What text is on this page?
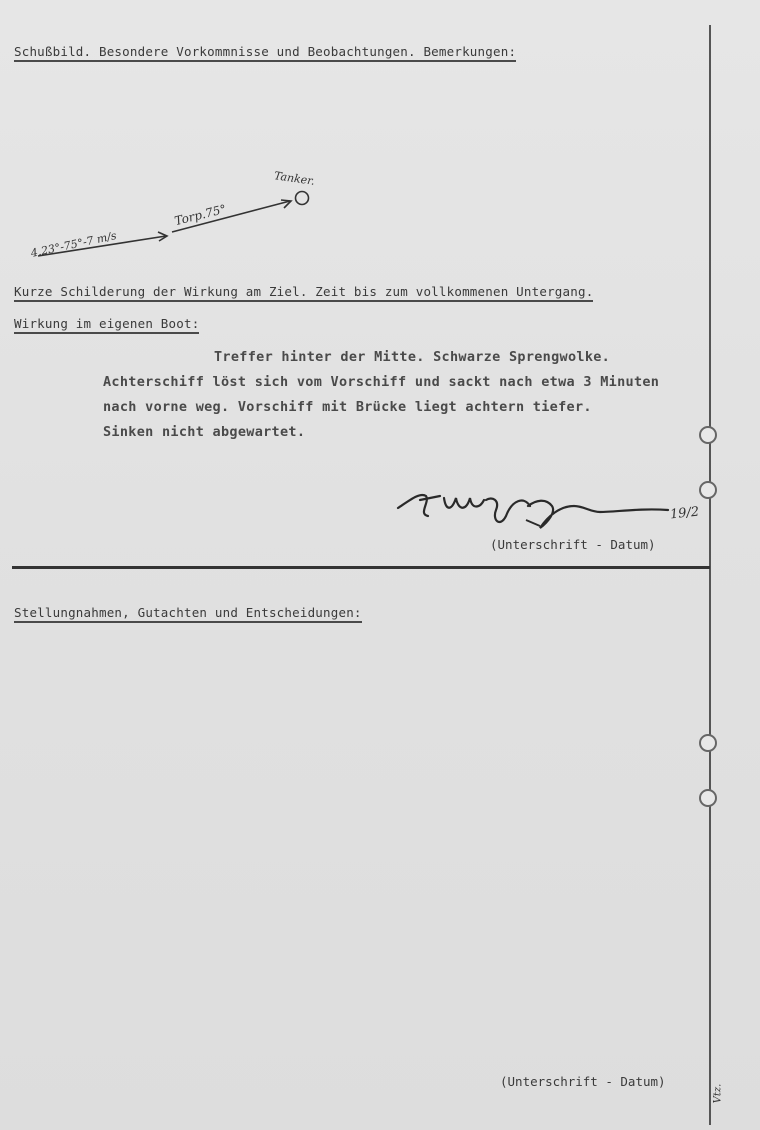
Schußbild. Besondere Vorkommnisse und Beobachtungen. Bemerkungen:
Tanker.
Torp.75°
4.23°-75°-7 m/s
Kurze Schilderung der Wirkung am Ziel. Zeit bis zum vollkommenen Untergang.
Wirkung im eigenen Boot:
Treffer hinter der Mitte. Schwarze Sprengwolke.
Achterschiff löst sich vom Vorschiff und sackt nach etwa 3 Minuten
nach vorne weg. Vorschiff mit Brücke liegt achtern tiefer.
Sinken nicht abgewartet.
19/2
(Unterschrift - Datum)
Stellungnahmen, Gutachten und Entscheidungen:
(Unterschrift - Datum)
Vtz.
